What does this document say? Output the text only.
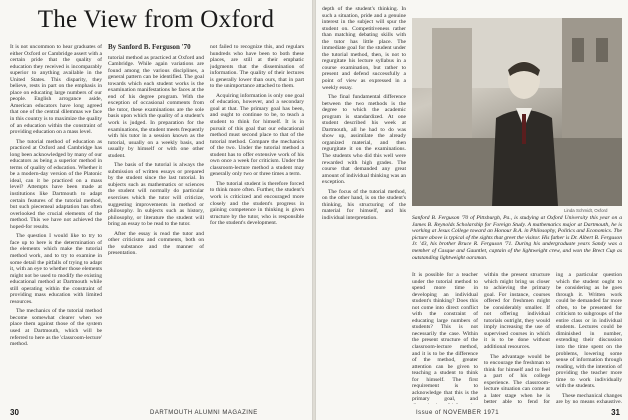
The View from Oxford

It is not uncommon to hear graduates of either Oxford or Cambridge assert with a certain pride that the quality of education they received is incomparably superior to anything available in the United States. This disparity, they believe, rests in part on the emphasis in place on educating large numbers of our people. English arrogance aside, American educators have long agreed that one of the central dilemmas we face in this country is to maximize the quality of an education within the constraint of providing education on a mass level.

The tutorial method of education as practiced at Oxford and Cambridge has long been acknowledged by many of our educators as being a superior method in terms of quality of education. Whether it be a modern-day version of the Platonic ideal, can it be practiced on a mass level? Attempts have been made at institutions like Dartmouth to adapt certain features of the tutorial method, but such piecemeal adaptation has often overlooked the crucial elements of the method. This we have not achieved the hoped-for results.

The question I would like to try to face up to here is the determination of the elements which make the tutorial method work, and to try to examine in some detail the pitfalls of trying to adapt it, with an eye to whether those elements might not be used to modify the existing educational method at Dartmouth while still operating within the constraint of providing mass education with limited resources.

The mechanics of the tutorial method become somewhat clearer when we place them against those of the system used at Dartmouth, which will be referred to here as the 'classroom-lecture' method.

By Sanford B. Ferguson '70

tutorial method as practiced at Oxford and Cambridge. While again variations are found among the various disciplines, a general pattern can be identified. The goal towards which each student works is the examination manifestations he faces at the end of his degree program. With the exception of occasional comments from the tutor, these examinations are the sole basis upon which the quality of a student's work is judged. In preparation for the examinations, the student meets frequently with his tutor in a session known as the tutorial, usually on a weekly basis, and usually by himself or with one other student.

The basis of the tutorial is always the submission of written essays or prepared by the student since the last tutorial. In subjects such as mathematics or sciences the student will normally do particular exercises which the tutor will criticize, suggesting improvements in method or philosophy. In subjects such as history, philosophy, or literature the student will bring an essay to be read to the tutor.

After the essay is read the tutor and other criticisms and comments, both on the substance and the manner of presentation.

not failed to recognize this, and regulars hundreds who have been to both these places, are still at their emphatic judgments that the dissemination of information. The quality of their lectures is generally lower than ours, that in part to the unimportance attached to them.

Acquiring information is only one goal of education, however, and a secondary goal at that. The primary goal has been, and ought to continue to be, to teach a student to think for himself. It is in pursuit of this goal that our educational method must second place to that of the tutorial method. Compare the mechanics of the two. Under the tutorial method a student has to offer extensive work of his own once a week for criticism. Under the classroom-lecture method a student may generally only two or three times a term.

The tutorial student is therefore forced to think more often. Further, the student's work is criticized and encouraged more closely and the student's progress in gaining competence in thinking is given structure by the tutor, who is responsible for the student's development.

30	DARTMOUTH ALUMNI MAGAZINE

depth of the student's thinking. In such a situation, pride and a genuine interest in the subject will spur the student on. Competitiveness rather than matching debating skills with the tutor has little place. The immediate goal for the student under the tutorial method, then, is not to regurgitate his lecture syllabus in a course examination, but rather to present and defend successfully a point of view as expressed in a weekly essay.

The final fundamental difference between the two methods is the degree to which the academic program is standardized. At one student described his week at Dartmouth, all he had to do was show up, assimilate the already organized material, and then regurgitate it on the examinations. The students who did this well were rewarded with high grades. The course that demanded any great amount of individual thinking was an exception.

The focus of the tutorial method, on the other hand, is on the student's thinking, his structuring of the material for himself, and his individual interpretation.

Linda Schmidt, Oxford
Sanford B. Ferguson '70 of Pittsburgh, Pa., is studying at Oxford University this year on a James B. Reynolds Scholarship for Foreign Study. A mathematics major at Dartmouth, he is working at Jesus College toward an Honour B.A. in Philosophy, Politics and Economics. The picture above is typical of the sights that greet the visitor. His father is Dr. Albert B. Ferguson Jr. '43, his brother Bruce R. Ferguson '71. During his undergraduate years Sandy was a member of Casque and Gauntlet, captain of the lightweight crew, and won the Brect Cup as outstanding lightweight oarsman.

It is possible for a teacher under the tutorial method to spend more time in developing an individual student's thinking? Does this not come into direct conflict with the constraint of educating large numbers of students? This is not necessarily the case. Within the present structure of the classroom-lecture method, and it is to be the difference of the method, greater attention can be given to teaching a student to think for himself. The first requirement is to acknowledge that this is the primary goal, and

within the present structure which might bring us closer to achieving the primary goal. For instance, courses offered for freshmen might be considerably smaller. If not offering individual tutorials outright, they would imply increasing the use of supervised courses in which it is to be done without additional resources.

The advantage would be to encourage the freshman to think for himself and to feel a part of his college experience. The classroom-lecture situation can come at a later stage when he is better able to fend for

ing a particular question which the student ought to be considering as he goes through it. Written work could be demanded far more often, to be presented for criticism to subgroups of the entire class or in individual students. Lectures could be diminished in number, extending their discussion into the time spent on the problems, lowering some sense of information through reading, with the intention of providing the teacher more time to work individually with the students.

These mechanical changes are by no means exhaustive.

Issue of NOVEMBER 1971	31
